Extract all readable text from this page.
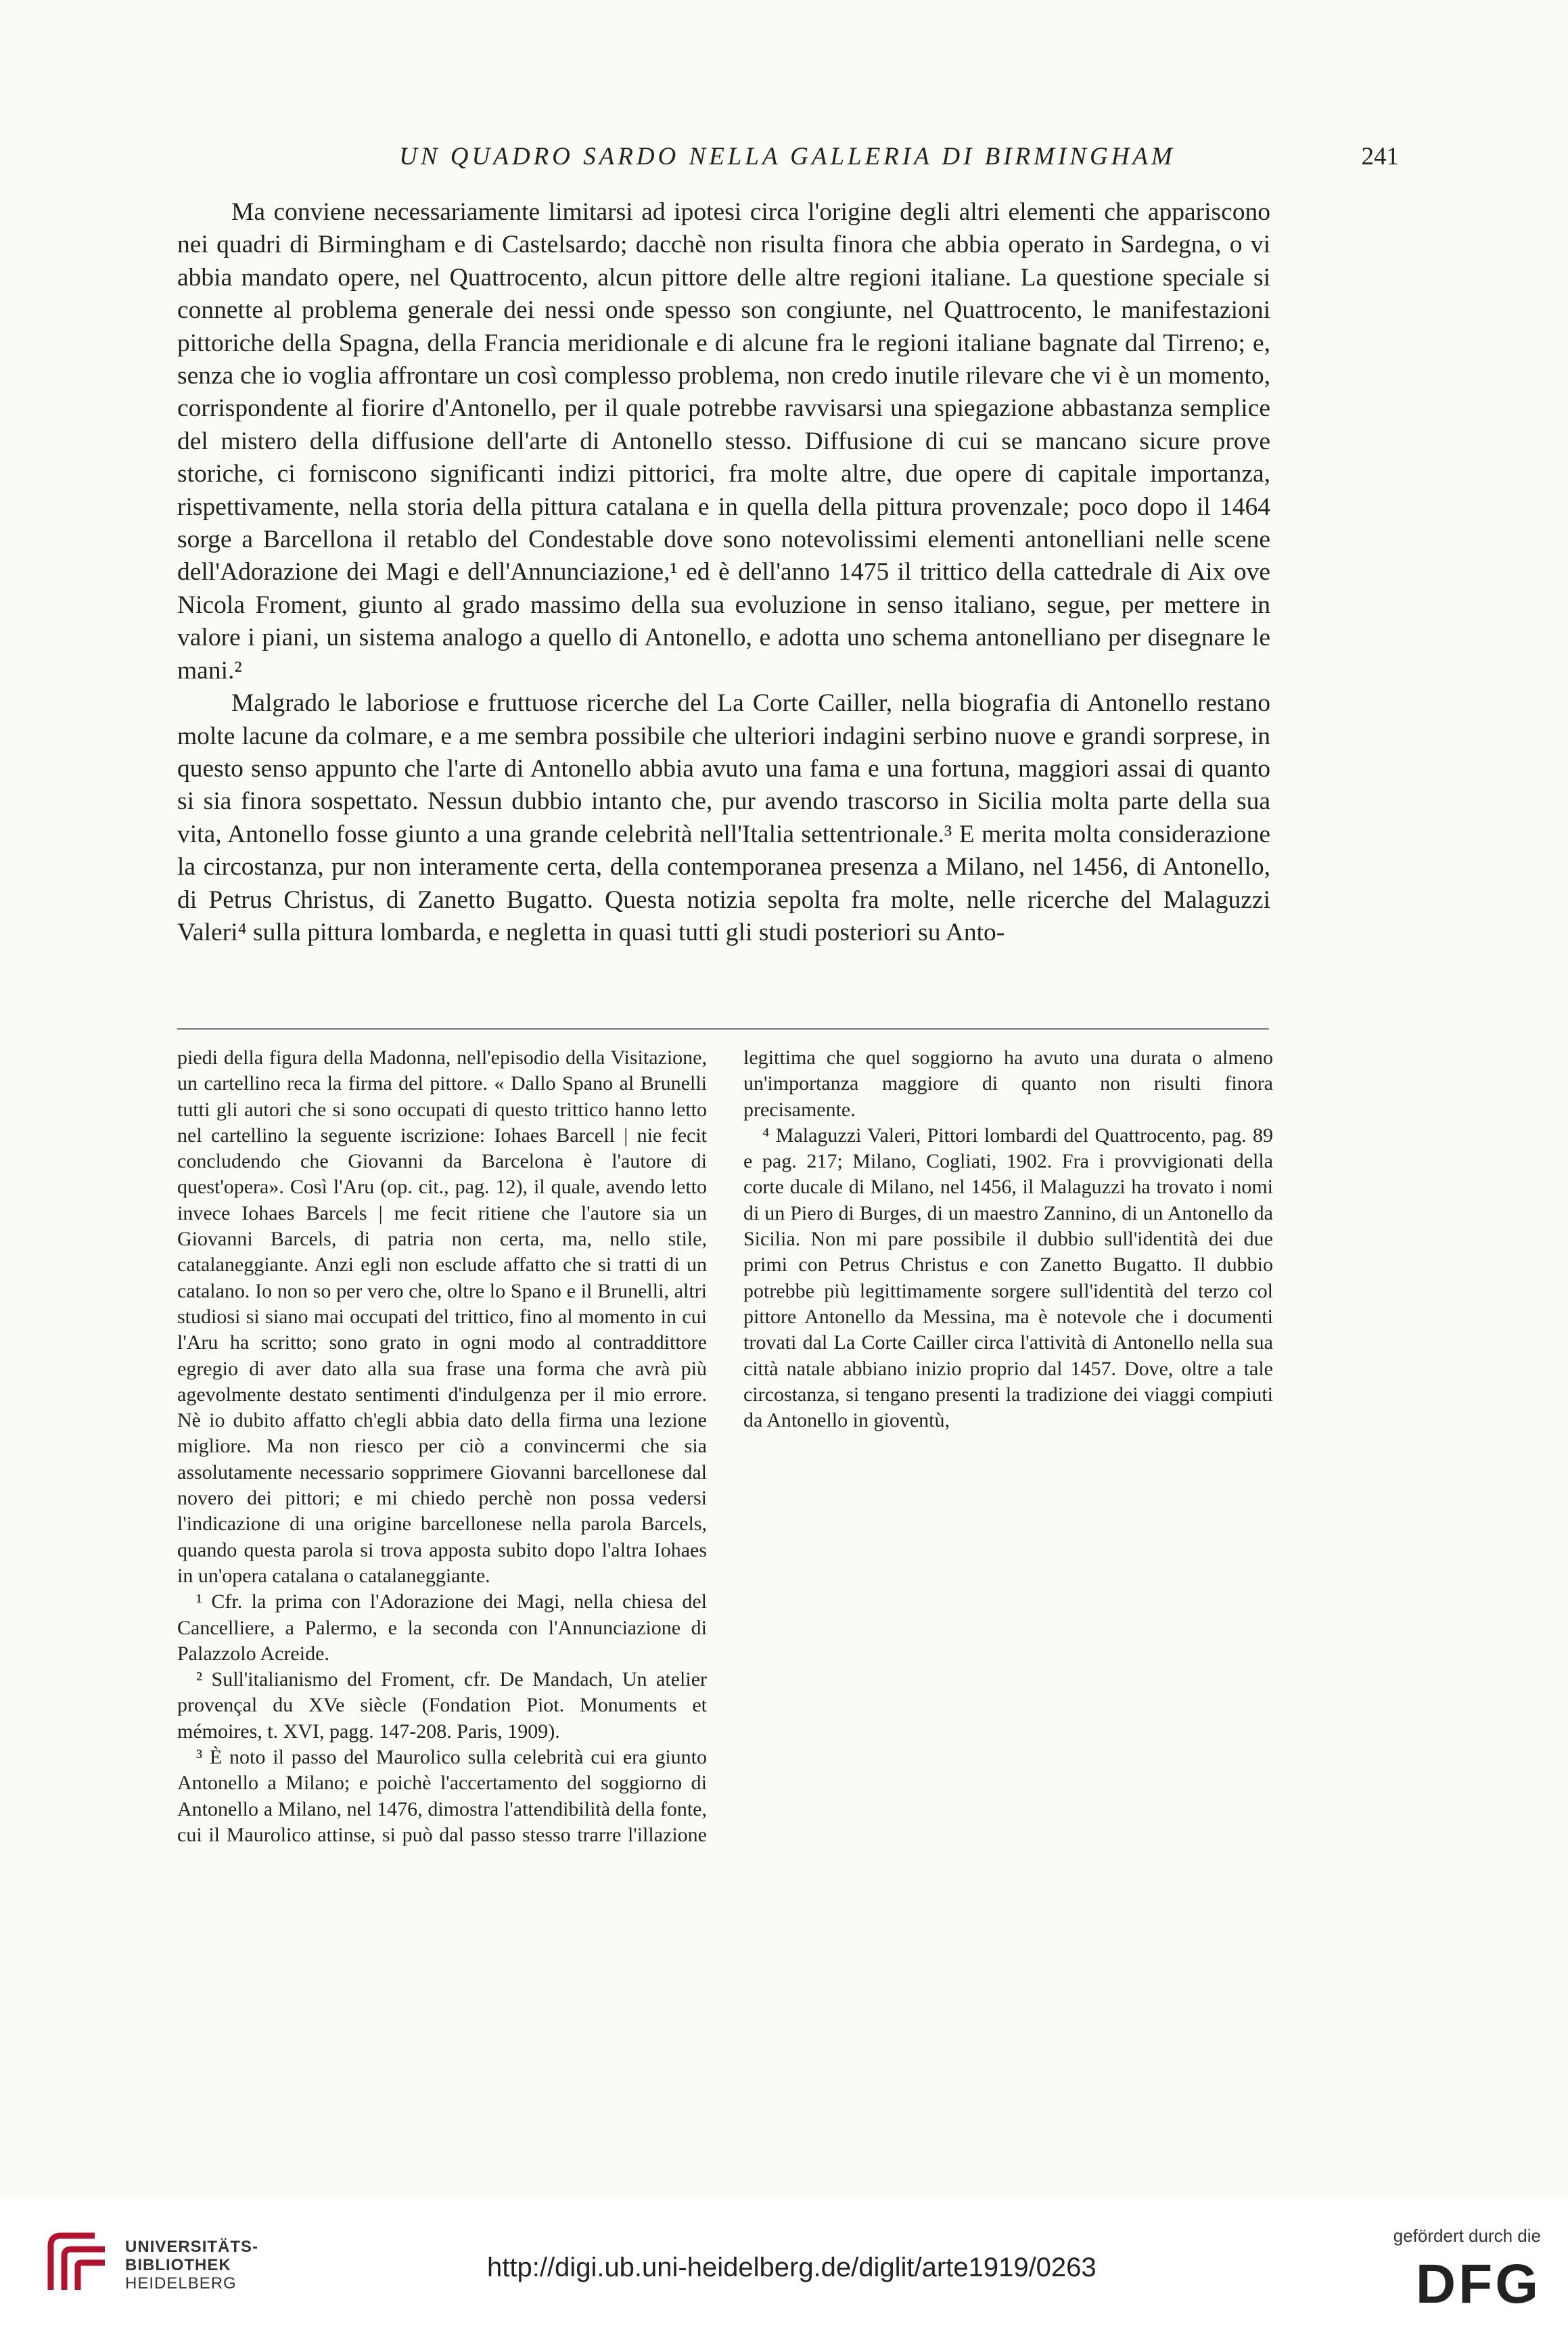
UN QUADRO SARDO NELLA GALLERIA DI BIRMINGHAM	241

Ma conviene necessariamente limitarsi ad ipotesi circa l'origine degli altri elementi che appariscono nei quadri di Birmingham e di Castelsardo; dacchè non risulta finora che abbia operato in Sardegna, o vi abbia mandato opere, nel Quattrocento, alcun pittore delle altre regioni italiane. La questione speciale si connette al problema generale dei nessi onde spesso son congiunte, nel Quattrocento, le manifestazioni pittoriche della Spagna, della Francia meridionale e di alcune fra le regioni italiane bagnate dal Tirreno; e, senza che io voglia affrontare un così complesso problema, non credo inutile rilevare che vi è un momento, corrispondente al fiorire d'Antonello, per il quale potrebbe ravvisarsi una spiegazione abbastanza semplice del mistero della diffusione dell'arte di Antonello stesso. Diffusione di cui se mancano sicure prove storiche, ci forniscono significanti indizi pittorici, fra molte altre, due opere di capitale importanza, rispettivamente, nella storia della pittura catalana e in quella della pittura provenzale; poco dopo il 1464 sorge a Barcellona il retablo del Condestable dove sono notevolissimi elementi antonelliani nelle scene dell'Adorazione dei Magi e dell'Annunciazione,¹ ed è dell'anno 1475 il trittico della cattedrale di Aix ove Nicola Froment, giunto al grado massimo della sua evoluzione in senso italiano, segue, per mettere in valore i piani, un sistema analogo a quello di Antonello, e adotta uno schema antonelliano per disegnare le mani.²

Malgrado le laboriose e fruttuose ricerche del La Corte Cailler, nella biografia di Antonello restano molte lacune da colmare, e a me sembra possibile che ulteriori indagini serbino nuove e grandi sorprese, in questo senso appunto che l'arte di Antonello abbia avuto una fama e una fortuna, maggiori assai di quanto si sia finora sospettato. Nessun dubbio intanto che, pur avendo trascorso in Sicilia molta parte della sua vita, Antonello fosse giunto a una grande celebrità nell'Italia settentrionale.³ E merita molta considerazione la circostanza, pur non interamente certa, della contemporanea presenza a Milano, nel 1456, di Antonello, di Petrus Christus, di Zanetto Bugatto. Questa notizia sepolta fra molte, nelle ricerche del Malaguzzi Valeri⁴ sulla pittura lombarda, e negletta in quasi tutti gli studi posteriori su Anto-

piedi della figura della Madonna, nell'episodio della Visitazione, un cartellino reca la firma del pittore. « Dallo Spano al Brunelli tutti gli autori che si sono occupati di questo trittico hanno letto nel cartellino la seguente iscrizione: Iohaes Barcell | nie fecit concludendo che Giovanni da Barcelona è l'autore di quest'opera». Così l'Aru (op. cit., pag. 12), il quale, avendo letto invece Iohaes Barcels | me fecit ritiene che l'autore sia un Giovanni Barcels, di patria non certa, ma, nello stile, catalaneggiante. Anzi egli non esclude affatto che si tratti di un catalano. Io non so per vero che, oltre lo Spano e il Brunelli, altri studiosi si siano mai occupati del trittico, fino al momento in cui l'Aru ha scritto; sono grato in ogni modo al contraddittore egregio di aver dato alla sua frase una forma che avrà più agevolmente destato sentimenti d'indulgenza per il mio errore. Nè io dubito affatto ch'egli abbia dato della firma una lezione migliore. Ma non riesco per ciò a convincermi che sia assolutamente necessario sopprimere Giovanni barcellonese dal novero dei pittori; e mi chiedo perchè non possa vedersi l'indicazione di una origine barcellonese nella parola Barcels, quando questa parola si trova apposta subito dopo l'altra Iohaes in un'opera catalana o catalaneggiante.

¹ Cfr. la prima con l'Adorazione dei Magi, nella chiesa del Cancelliere, a Palermo, e la seconda con l'Annunciazione di Palazzolo Acreide.

² Sull'italianismo del Froment, cfr. De Mandach, Un atelier provençal du XVe siècle (Fondation Piot. Monuments et mémoires, t. XVI, pagg. 147-208. Paris, 1909).

³ È noto il passo del Maurolico sulla celebrità cui era giunto Antonello a Milano; e poichè l'accertamento del soggiorno di Antonello a Milano, nel 1476, dimostra l'attendibilità della fonte, cui il Maurolico attinse, si può dal passo stesso trarre l'illazione legittima che quel soggiorno ha avuto una durata o almeno un'importanza maggiore di quanto non risulti finora precisamente.

⁴ Malaguzzi Valeri, Pittori lombardi del Quattrocento, pag. 89 e pag. 217; Milano, Cogliati, 1902. Fra i provvigionati della corte ducale di Milano, nel 1456, il Malaguzzi ha trovato i nomi di un Piero di Burges, di un maestro Zannino, di un Antonello da Sicilia. Non mi pare possibile il dubbio sull'identità dei due primi con Petrus Christus e con Zanetto Bugatto. Il dubbio potrebbe più legittimamente sorgere sull'identità del terzo col pittore Antonello da Messina, ma è notevole che i documenti trovati dal La Corte Cailler circa l'attività di Antonello nella sua città natale abbiano inizio proprio dal 1457. Dove, oltre a tale circostanza, si tengano presenti la tradizione dei viaggi compiuti da Antonello in gioventù,

UNIVERSITÄTS-
BIBLIOTHEK
HEIDELBERG
http://digi.ub.uni-heidelberg.de/diglit/arte1919/0263
gefördert durch die
DFG
